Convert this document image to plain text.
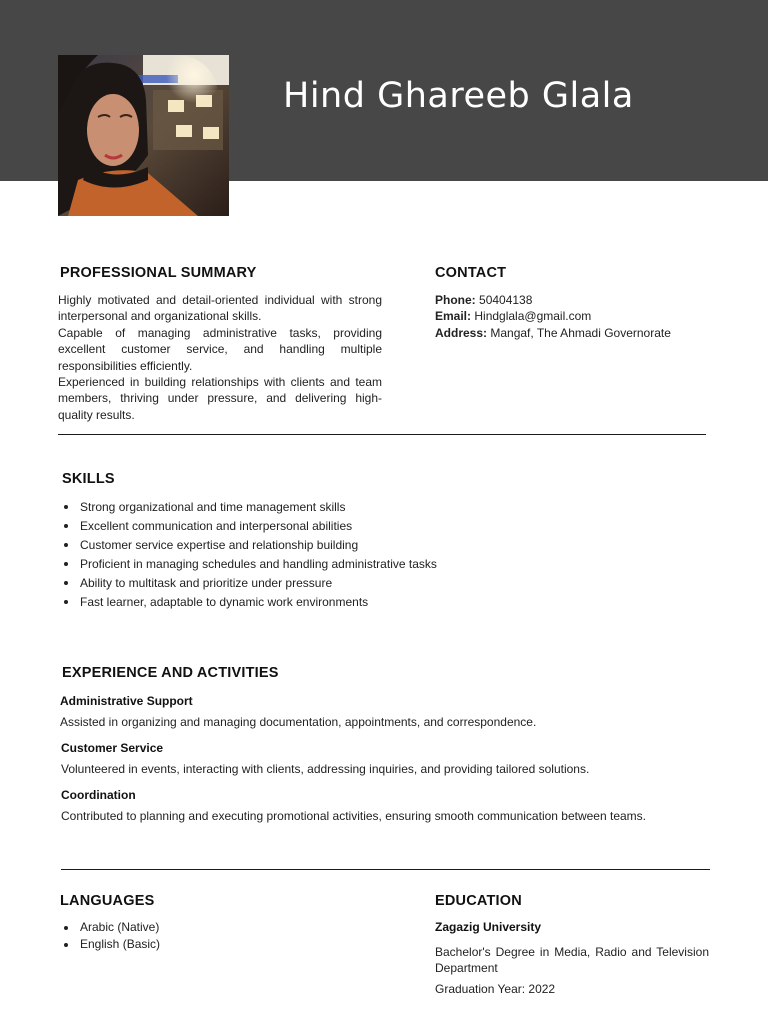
Hind Ghareeb Glala
PROFESSIONAL SUMMARY

Highly motivated and detail-oriented individual with strong interpersonal and organizational skills.

Capable of managing administrative tasks, providing excellent customer service, and handling multiple responsibilities efficiently.

Experienced in building relationships with clients and team members, thriving under pressure, and delivering high-quality results.

CONTACT
Phone: 50404138
Email: Hindglala@gmail.com
Address: Mangaf, The Ahmadi Governorate
SKILLS
Strong organizational and time management skills
Excellent communication and interpersonal abilities
Customer service expertise and relationship building
Proficient in managing schedules and handling administrative tasks
Ability to multitask and prioritize under pressure
Fast learner, adaptable to dynamic work environments
EXPERIENCE AND ACTIVITIES
Administrative Support
Assisted in organizing and managing documentation, appointments, and correspondence.
Customer Service
Volunteered in events, interacting with clients, addressing inquiries, and providing tailored solutions.
Coordination
Contributed to planning and executing promotional activities, ensuring smooth communication between teams.
LANGUAGES
Arabic (Native)
English (Basic)
EDUCATION
Zagazig University
Bachelor's Degree in Media, Radio and Television Department
Graduation Year: 2022
